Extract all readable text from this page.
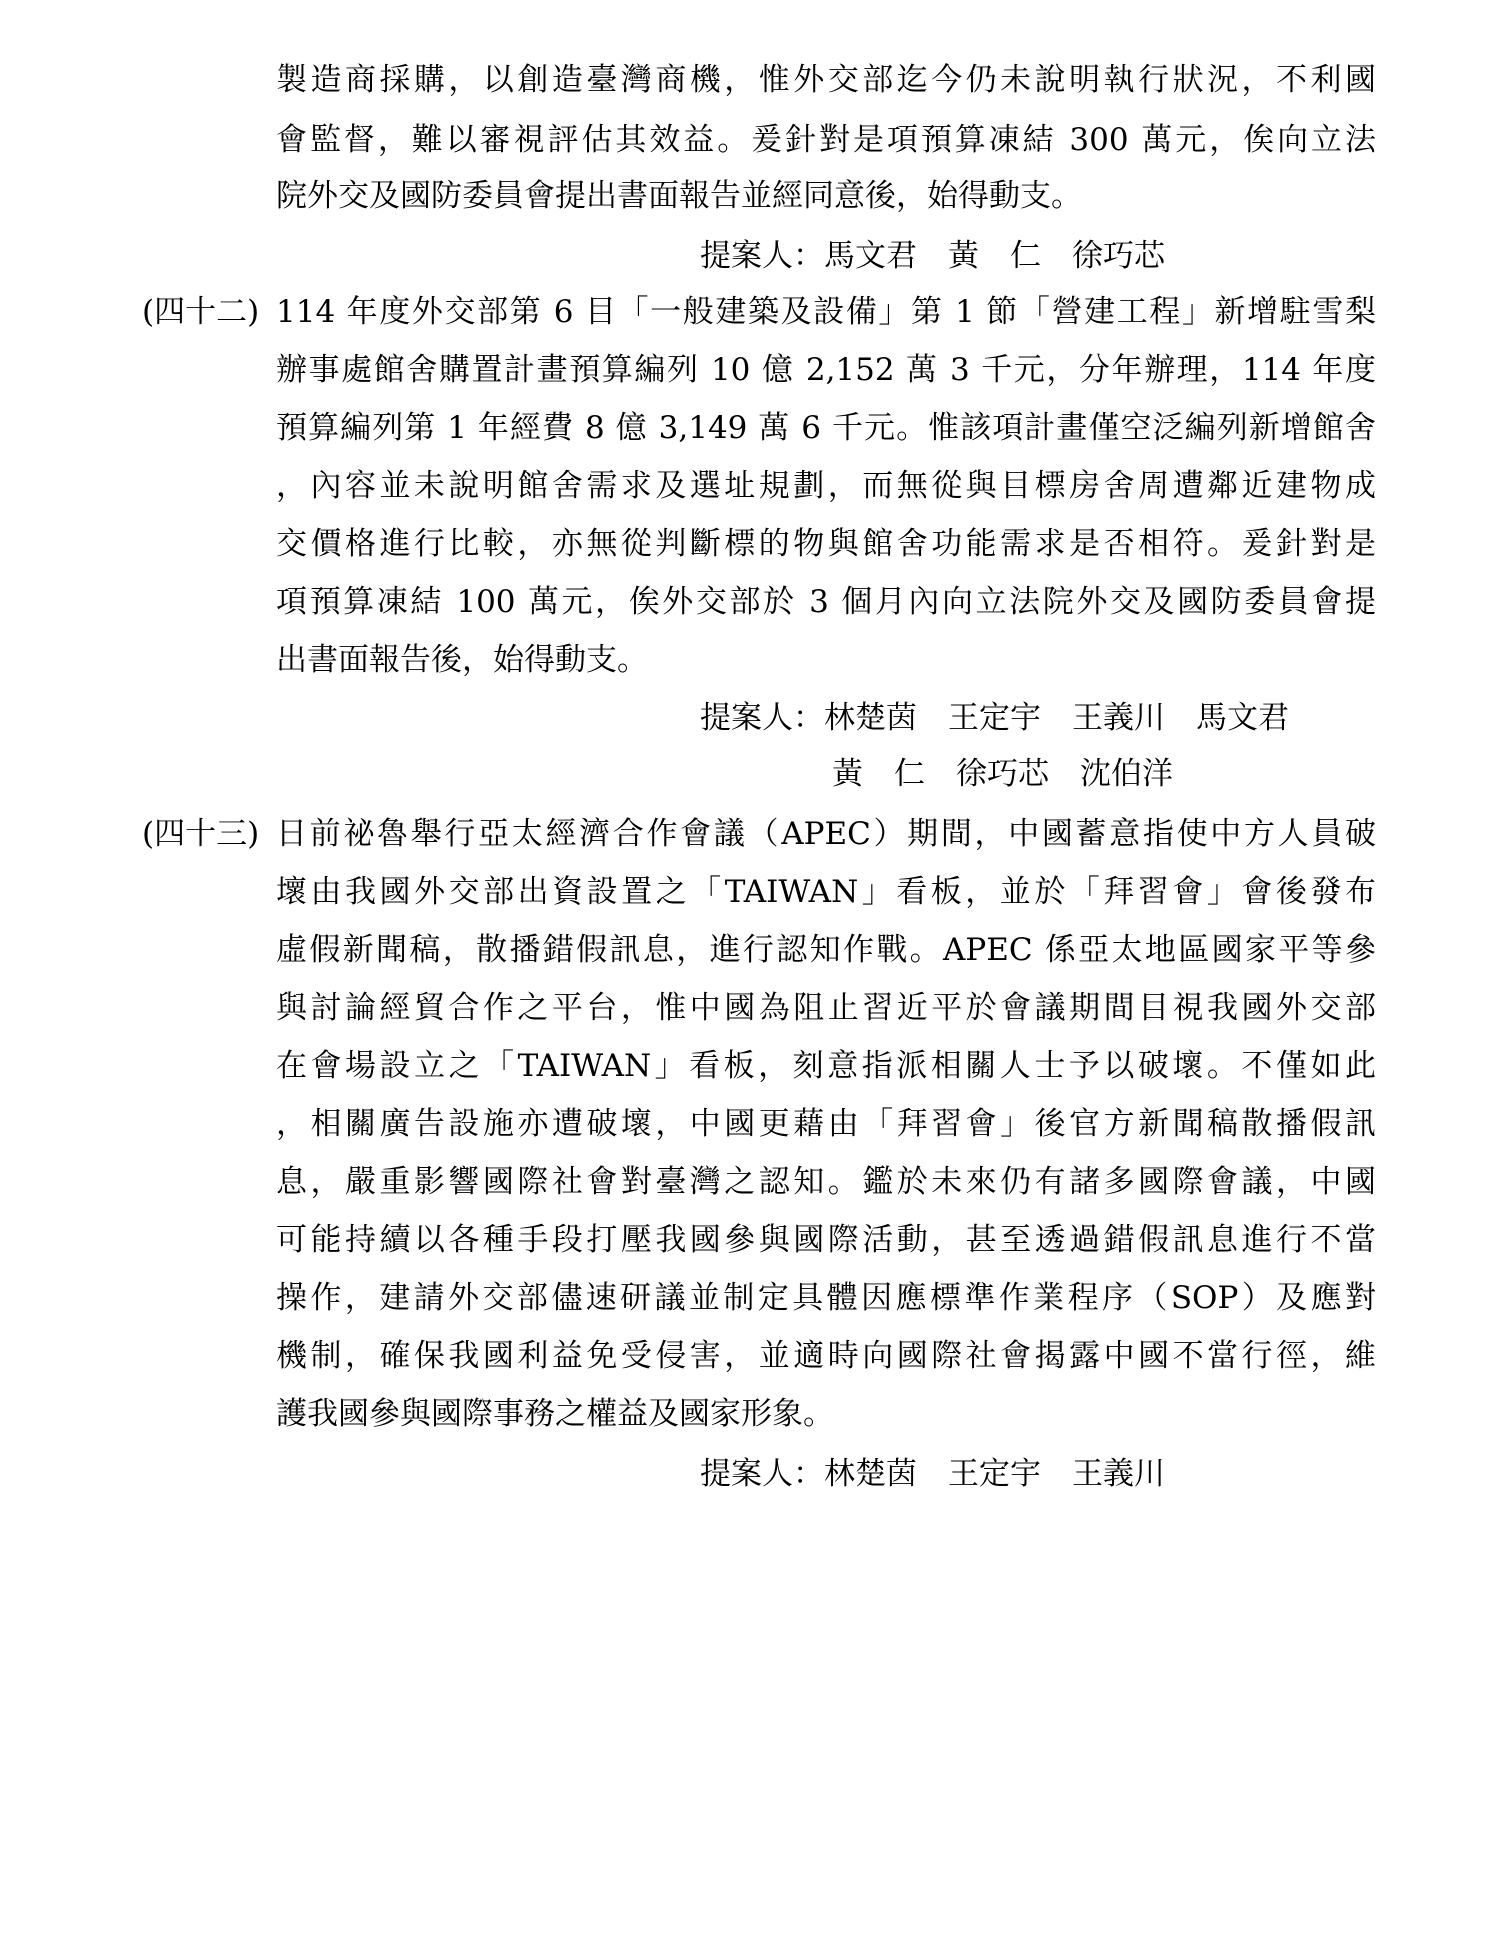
製造商採購，以創造臺灣商機，惟外交部迄今仍未說明執行狀況，不利國
會監督，難以審視評估其效益。爰針對是項預算凍結 300 萬元，俟向立法
院外交及國防委員會提出書面報告並經同意後，始得動支。
提案人：馬文君　黃　仁　徐巧芯
(四十二) 114 年度外交部第 6 目「一般建築及設備」第 1 節「營建工程」新增駐雪梨
辦事處館舍購置計畫預算編列 10 億 2,152 萬 3 千元，分年辦理，114 年度
預算編列第 1 年經費 8 億 3,149 萬 6 千元。惟該項計畫僅空泛編列新增館舍
，內容並未說明館舍需求及選址規劃，而無從與目標房舍周遭鄰近建物成
交價格進行比較，亦無從判斷標的物與館舍功能需求是否相符。爰針對是
項預算凍結 100 萬元，俟外交部於 3 個月內向立法院外交及國防委員會提
出書面報告後，始得動支。
提案人：林楚茵　王定宇　王義川　馬文君
黃　仁　徐巧芯　沈伯洋
(四十三) 日前祕魯舉行亞太經濟合作會議（APEC）期間，中國蓄意指使中方人員破
壞由我國外交部出資設置之「TAIWAN」看板，並於「拜習會」會後發布
虛假新聞稿，散播錯假訊息，進行認知作戰。APEC 係亞太地區國家平等參
與討論經貿合作之平台，惟中國為阻止習近平於會議期間目視我國外交部
在會場設立之「TAIWAN」看板，刻意指派相關人士予以破壞。不僅如此
，相關廣告設施亦遭破壞，中國更藉由「拜習會」後官方新聞稿散播假訊
息，嚴重影響國際社會對臺灣之認知。鑑於未來仍有諸多國際會議，中國
可能持續以各種手段打壓我國參與國際活動，甚至透過錯假訊息進行不當
操作，建請外交部儘速研議並制定具體因應標準作業程序（SOP）及應對
機制，確保我國利益免受侵害，並適時向國際社會揭露中國不當行徑，維
護我國參與國際事務之權益及國家形象。
提案人：林楚茵　王定宇　王義川
